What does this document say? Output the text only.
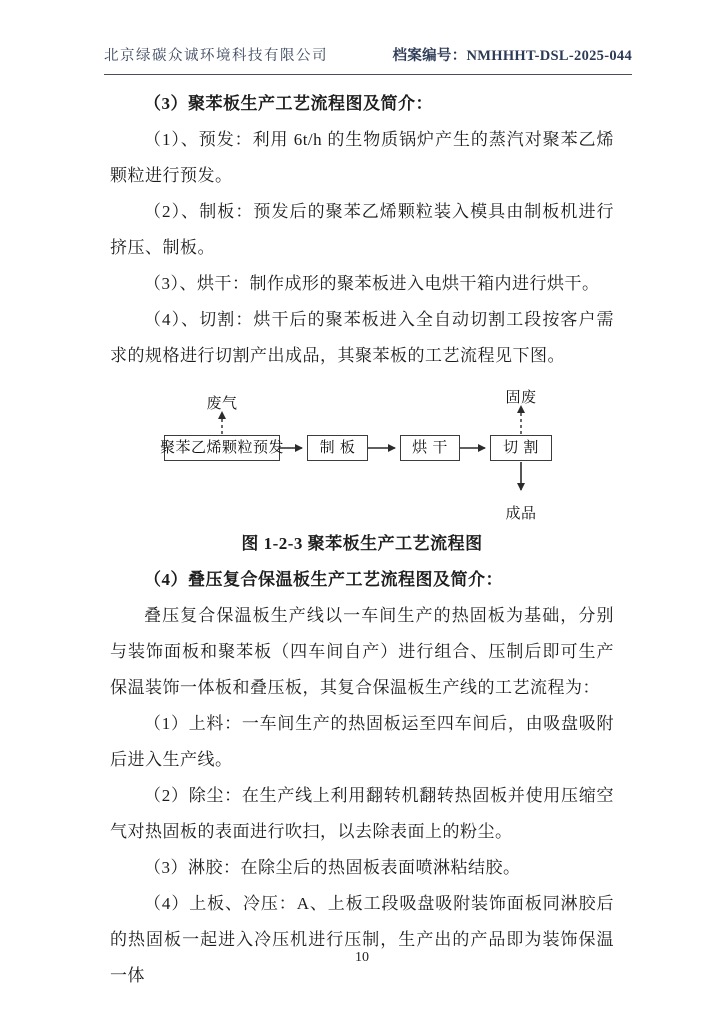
北京绿碳众诚环境科技有限公司	档案编号：NMHHHT-DSL-2025-044

（3）聚苯板生产工艺流程图及简介：

（1）、预发：利用 6t/h 的生物质锅炉产生的蒸汽对聚苯乙烯颗粒进行预发。

（2）、制板：预发后的聚苯乙烯颗粒装入模具由制板机进行挤压、制板。

（3）、烘干：制作成形的聚苯板进入电烘干箱内进行烘干。

（4）、切割：烘干后的聚苯板进入全自动切割工段按客户需求的规格进行切割产出成品，其聚苯板的工艺流程见下图。

废气	固废
聚苯乙烯颗粒预发	制 板	烘 干	切 割
成品

图 1-2-3 聚苯板生产工艺流程图

（4）叠压复合保温板生产工艺流程图及简介：

叠压复合保温板生产线以一车间生产的热固板为基础，分别与装饰面板和聚苯板（四车间自产）进行组合、压制后即可生产保温装饰一体板和叠压板，其复合保温板生产线的工艺流程为：

（1）上料：一车间生产的热固板运至四车间后，由吸盘吸附后进入生产线。

（2）除尘：在生产线上利用翻转机翻转热固板并使用压缩空气对热固板的表面进行吹扫，以去除表面上的粉尘。

（3）淋胶：在除尘后的热固板表面喷淋粘结胶。

（4）上板、冷压：A、上板工段吸盘吸附装饰面板同淋胶后的热固板一起进入冷压机进行压制，生产出的产品即为装饰保温一体

10
